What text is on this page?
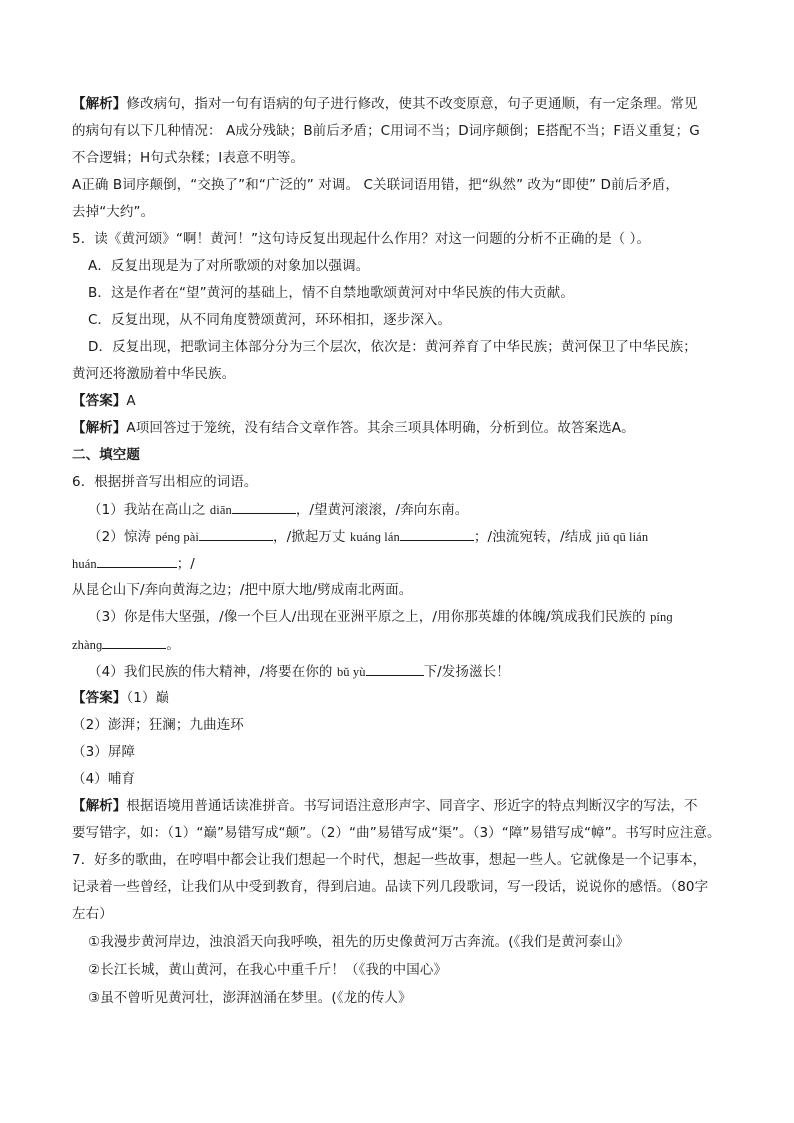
【解析】修改病句，指对一句有语病的句子进行修改，使其不改变原意，句子更通顺，有一定条理。常见
的病句有以下几种情况： A成分残缺；B前后矛盾；C用词不当；D词序颠倒；E搭配不当；F语义重复；G
不合逻辑；H句式杂糅；I表意不明等。
A正确 B词序颠倒，“交换了”和“广泛的” 对调。 C关联词语用错，把“纵然” 改为“即使” D前后矛盾，
去掉“大约”。
5．读《黄河颂》“啊！黄河！”这句诗反复出现起什么作用？对这一问题的分析不正确的是（ ）。
A．反复出现是为了对所歌颂的对象加以强调。
B．这是作者在“望”黄河的基础上，情不自禁地歌颂黄河对中华民族的伟大贡献。
C．反复出现，从不同角度赞颂黄河，环环相扣，逐步深入。
D．反复出现，把歌词主体部分分为三个层次，依次是：黄河养育了中华民族；黄河保卫了中华民族；
黄河还将激励着中华民族。
【答案】A
【解析】A项回答过于笼统，没有结合文章作答。其余三项具体明确，分析到位。故答案选A。
二、填空题
6．根据拼音写出相应的词语。
（1）我站在高山之 diān	，/望黄河滚滚，/奔向东南。
（2）惊涛 pénɡ pài	，/掀起万丈 kuánɡ lán	；/浊流宛转，/结成 jiǔ qū lián
huán	；/
从昆仑山下/奔向黄海之边；/把中原大地/劈成南北两面。
（3）你是伟大坚强，/像一个巨人/出现在亚洲平原之上，/用你那英雄的体魄/筑成我们民族的 pínɡ
zhànɡ	。
（4）我们民族的伟大精神，/将要在你的 bǔ yù	下/发扬滋长！
【答案】（1）巅
（2）澎湃；狂澜；九曲连环
（3）屏障
（4）哺育
【解析】根据语境用普通话读准拼音。书写词语注意形声字、同音字、形近字的特点判断汉字的写法，不
要写错字，如：（1）“巅”易错写成“颠”。（2）“曲”易错写成“渠”。（3）“障”易错写成“幛”。书写时应注意。
7．好多的歌曲，在哼唱中都会让我们想起一个时代，想起一些故事，想起一些人。它就像是一个记事本，
记录着一些曾经，让我们从中受到教育，得到启迪。品读下列几段歌词，写一段话，说说你的感悟。（80字
左右）
①我漫步黄河岸边，浊浪滔天向我呼唤，祖先的历史像黄河万古奔流。(《我们是黄河泰山》
②长江长城，黄山黄河，在我心中重千斤！（《我的中国心》
③虽不曾听见黄河壮，澎湃汹涌在梦里。(《龙的传人》
